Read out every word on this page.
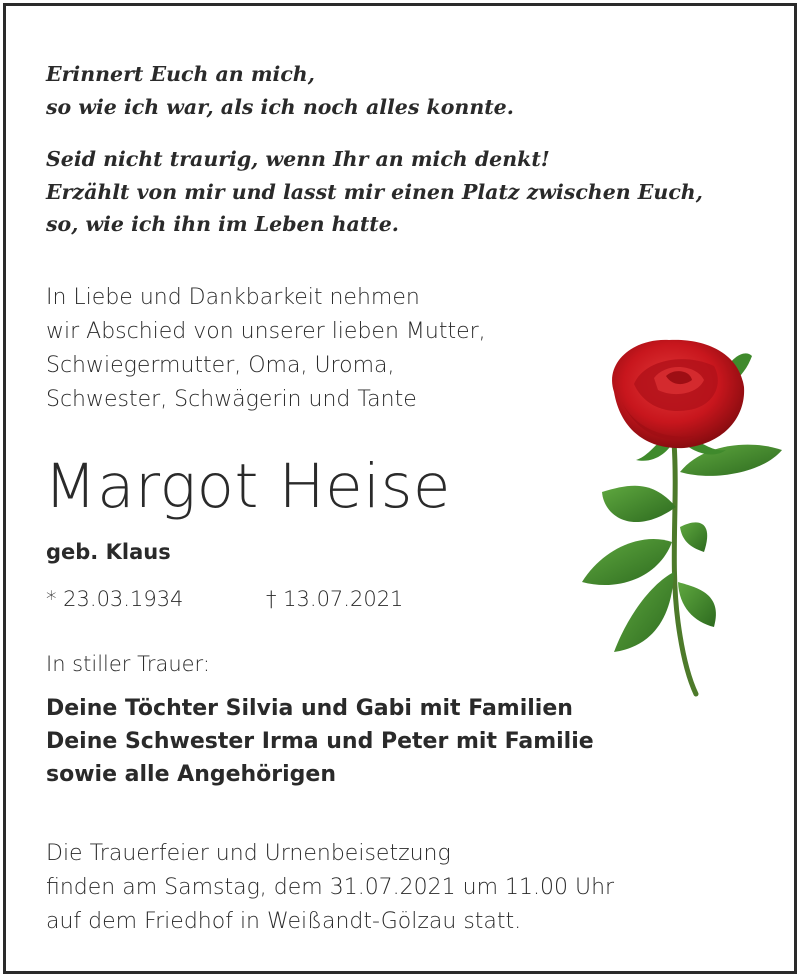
Erinnert Euch an mich,
so wie ich war, als ich noch alles konnte.

Seid nicht traurig, wenn Ihr an mich denkt!
Erzählt von mir und lasst mir einen Platz zwischen Euch,
so, wie ich ihn im Leben hatte.

In Liebe und Dankbarkeit nehmen
wir Abschied von unserer lieben Mutter,
Schwiegermutter, Oma, Uroma,
Schwester, Schwägerin und Tante
Margot Heise
geb. Klaus
* 23.03.1934	† 13.07.2021
In stiller Trauer:
Deine Töchter Silvia und Gabi mit Familien
Deine Schwester Irma und Peter mit Familie
sowie alle Angehörigen
Die Trauerfeier und Urnenbeisetzung
finden am Samstag, dem 31.07.2021 um 11.00 Uhr
auf dem Friedhof in Weißandt-Gölzau statt.
